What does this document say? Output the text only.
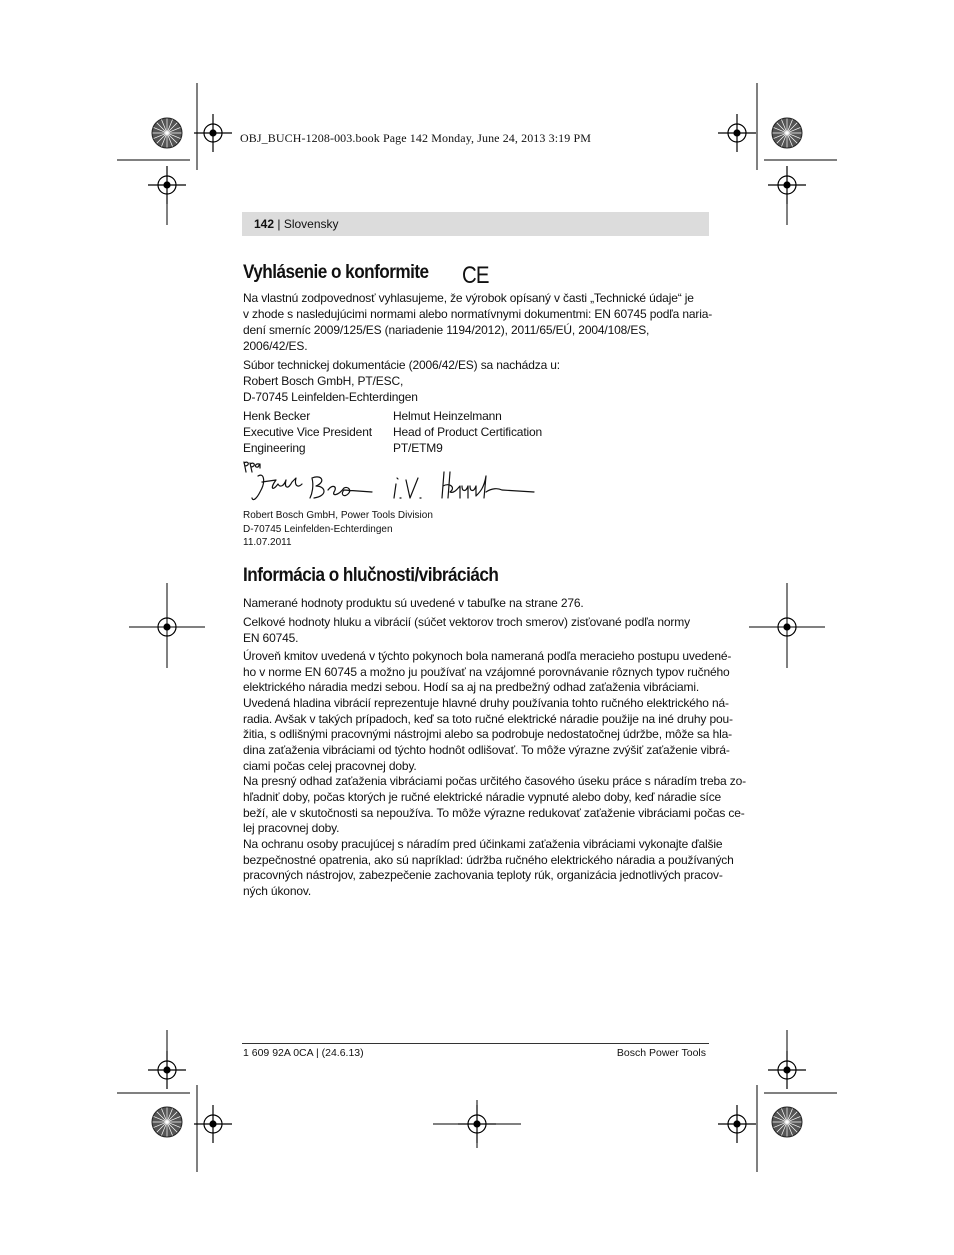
OBJ_BUCH-1208-003.book Page 142 Monday, June 24, 2013 3:19 PM
142 | Slovensky
Vyhlásenie o konformite CE
Na vlastnú zodpovednosť vyhlasujeme, že výrobok opísaný v časti „Technické údaje“ je
v zhode s nasledujúcimi normami alebo normatívnymi dokumentmi: EN 60745 podľa naria-
dení smerníc 2009/125/ES (nariadenie 1194/2012), 2011/65/EÚ, 2004/108/ES,
2006/42/ES.
Súbor technickej dokumentácie (2006/42/ES) sa nachádza u:
Robert Bosch GmbH, PT/ESC,
D-70745 Leinfelden-Echterdingen
Henk Becker
Executive Vice President
Engineering
Helmut Heinzelmann
Head of Product Certification
PT/ETM9
Robert Bosch GmbH, Power Tools Division
D-70745 Leinfelden-Echterdingen
11.07.2011
Informácia o hlučnosti/vibráciách
Namerané hodnoty produktu sú uvedené v tabuľke na strane 276.
Celkové hodnoty hluku a vibrácií (súčet vektorov troch smerov) zisťované podľa normy
EN 60745.
Úroveň kmitov uvedená v týchto pokynoch bola nameraná podľa meracieho postupu uvedené-
ho v norme EN 60745 a možno ju používať na vzájomné porovnávanie rôznych typov ručného
elektrického náradia medzi sebou. Hodí sa aj na predbežný odhad zaťaženia vibráciami.
Uvedená hladina vibrácií reprezentuje hlavné druhy používania tohto ručného elektrického ná-
radia. Avšak v takých prípadoch, keď sa toto ručné elektrické náradie použije na iné druhy pou-
žitia, s odlišnými pracovnými nástrojmi alebo sa podrobuje nedostatočnej údržbe, môže sa hla-
dina zaťaženia vibráciami od týchto hodnôt odlišovať. To môže výrazne zvýšiť zaťaženie vibrá-
ciami počas celej pracovnej doby.
Na presný odhad zaťaženia vibráciami počas určitého časového úseku práce s náradím treba zo-
hľadniť doby, počas ktorých je ručné elektrické náradie vypnuté alebo doby, keď náradie síce
beží, ale v skutočnosti sa nepoužíva. To môže výrazne redukovať zaťaženie vibráciami počas ce-
lej pracovnej doby.
Na ochranu osoby pracujúcej s náradím pred účinkami zaťaženia vibráciami vykonajte ďalšie
bezpečnostné opatrenia, ako sú napríklad: údržba ručného elektrického náradia a používaných
pracovných nástrojov, zabezpečenie zachovania teploty rúk, organizácia jednotlivých pracov-
ných úkonov.
1 609 92A 0CA | (24.6.13)	Bosch Power Tools
